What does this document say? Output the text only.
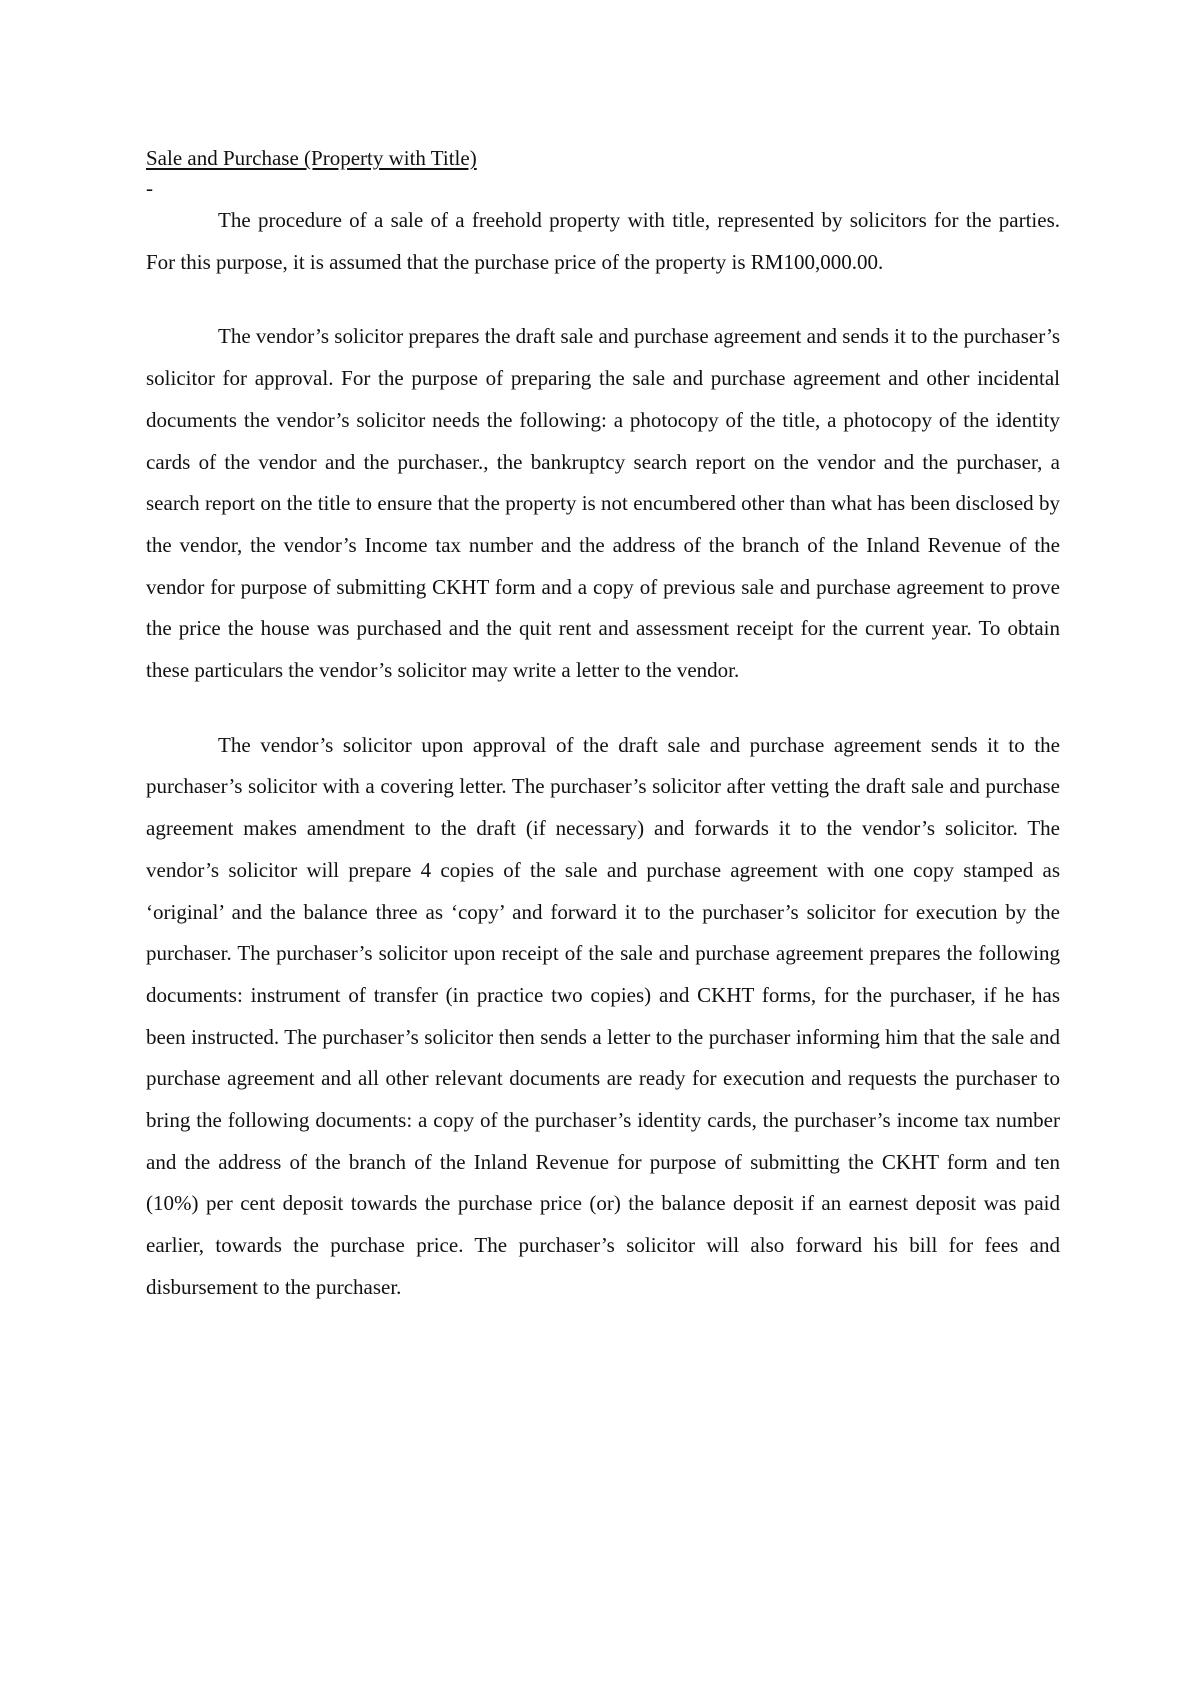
Sale and Purchase (Property with Title)
-

The procedure of a sale of a freehold property with title, represented by solicitors for the parties. For this purpose, it is assumed that the purchase price of the property is RM100,000.00.

The vendor’s solicitor prepares the draft sale and purchase agreement and sends it to the purchaser’s solicitor for approval. For the purpose of preparing the sale and purchase agreement and other incidental documents the vendor’s solicitor needs the following: a photocopy of the title, a photocopy of the identity cards of the vendor and the purchaser., the bankruptcy search report on the vendor and the purchaser, a search report on the title to ensure that the property is not encumbered other than what has been disclosed by the vendor, the vendor’s Income tax number and the address of the branch of the Inland Revenue of the vendor for purpose of submitting CKHT form and a copy of previous sale and purchase agreement to prove the price the house was purchased and the quit rent and assessment receipt for the current year. To obtain these particulars the vendor’s solicitor may write a letter to the vendor.

The vendor’s solicitor upon approval of the draft sale and purchase agreement sends it to the purchaser’s solicitor with a covering letter. The purchaser’s solicitor after vetting the draft sale and purchase agreement makes amendment to the draft (if necessary) and forwards it to the vendor’s solicitor. The vendor’s solicitor will prepare 4 copies of the sale and purchase agreement with one copy stamped as ‘original’ and the balance three as ‘copy’ and forward it to the purchaser’s solicitor for execution by the purchaser. The purchaser’s solicitor upon receipt of the sale and purchase agreement prepares the following documents: instrument of transfer (in practice two copies) and CKHT forms, for the purchaser, if he has been instructed. The purchaser’s solicitor then sends a letter to the purchaser informing him that the sale and purchase agreement and all other relevant documents are ready for execution and requests the purchaser to bring the following documents: a copy of the purchaser’s identity cards, the purchaser’s income tax number and the address of the branch of the Inland Revenue for purpose of submitting the CKHT form and ten (10%) per cent deposit towards the purchase price (or) the balance deposit if an earnest deposit was paid earlier, towards the purchase price. The purchaser’s solicitor will also forward his bill for fees and disbursement to the purchaser.
